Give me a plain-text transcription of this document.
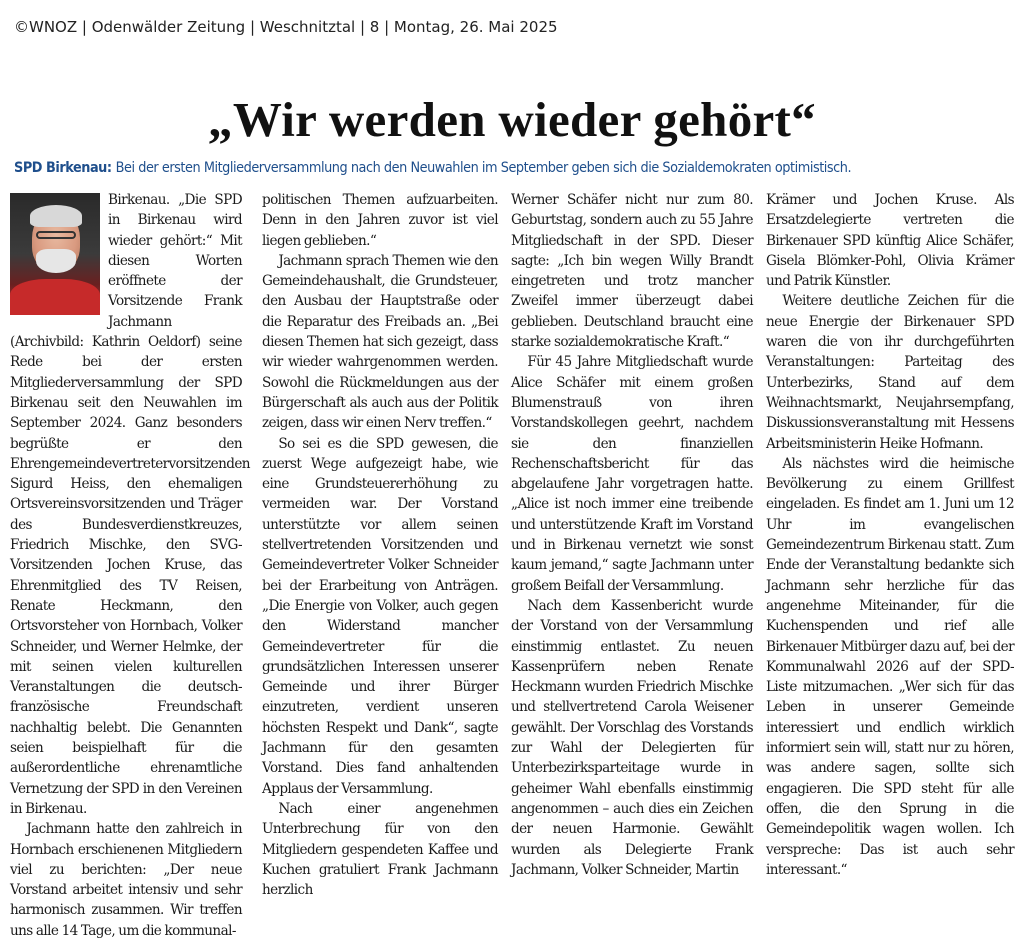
©WNOZ | Odenwälder Zeitung | Weschnitztal | 8 | Montag, 26. Mai 2025
„Wir werden wieder gehört“
SPD Birkenau: Bei der ersten Mitgliederversammlung nach den Neuwahlen im September geben sich die Sozialdemokraten optimistisch.

Birkenau. „Die SPD in Birkenau wird wieder gehört:“ Mit diesen Worten eröffnete der Vorsitzende Frank Jachmann (Archivbild: Kathrin Oeldorf) seine Rede bei der ersten Mitgliederversammlung der SPD Birkenau seit den Neuwahlen im September 2024. Ganz besonders begrüßte er den Ehrengemeindevertretervorsitzenden Sigurd Heiss, den ehemaligen Ortsvereinsvorsitzenden und Träger des Bundesverdienstkreuzes, Friedrich Mischke, den SVG-Vorsitzenden Jochen Kruse, das Ehrenmitglied des TV Reisen, Renate Heckmann, den Ortsvorsteher von Hornbach, Volker Schneider, und Werner Helmke, der mit seinen vielen kulturellen Veranstaltungen die deutsch-französische Freundschaft nachhaltig belebt. Die Genannten seien beispielhaft für die außerordentliche ehrenamtliche Vernetzung der SPD in den Vereinen in Birkenau.

Jachmann hatte den zahlreich in Hornbach erschienenen Mitgliedern viel zu berichten: „Der neue Vorstand arbeitet intensiv und sehr harmonisch zusammen. Wir treffen uns alle 14 Tage, um die kommunal-

politischen Themen aufzuarbeiten. Denn in den Jahren zuvor ist viel liegen geblieben.“

Jachmann sprach Themen wie den Gemeindehaushalt, die Grundsteuer, den Ausbau der Hauptstraße oder die Reparatur des Freibads an. „Bei diesen Themen hat sich gezeigt, dass wir wieder wahrgenommen werden. Sowohl die Rückmeldungen aus der Bürgerschaft als auch aus der Politik zeigen, dass wir einen Nerv treffen.“

So sei es die SPD gewesen, die zuerst Wege aufgezeigt habe, wie eine Grundsteuererhöhung zu vermeiden war. Der Vorstand unterstützte vor allem seinen stellvertretenden Vorsitzenden und Gemeindevertreter Volker Schneider bei der Erarbeitung von Anträgen. „Die Energie von Volker, auch gegen den Widerstand mancher Gemeindevertreter für die grundsätzlichen Interessen unserer Gemeinde und ihrer Bürger einzutreten, verdient unseren höchsten Respekt und Dank“, sagte Jachmann für den gesamten Vorstand. Dies fand anhaltenden Applaus der Versammlung.

Nach einer angenehmen Unterbrechung für von den Mitgliedern gespendeten Kaffee und Kuchen gratuliert Frank Jachmann herzlich

Werner Schäfer nicht nur zum 80. Geburtstag, sondern auch zu 55 Jahre Mitgliedschaft in der SPD. Dieser sagte: „Ich bin wegen Willy Brandt eingetreten und trotz mancher Zweifel immer überzeugt dabei geblieben. Deutschland braucht eine starke sozialdemokratische Kraft.“

Für 45 Jahre Mitgliedschaft wurde Alice Schäfer mit einem großen Blumenstrauß von ihren Vorstandskollegen geehrt, nachdem sie den finanziellen Rechenschaftsbericht für das abgelaufene Jahr vorgetragen hatte. „Alice ist noch immer eine treibende und unterstützende Kraft im Vorstand und in Birkenau vernetzt wie sonst kaum jemand,“ sagte Jachmann unter großem Beifall der Versammlung.

Nach dem Kassenbericht wurde der Vorstand von der Versammlung einstimmig entlastet. Zu neuen Kassenprüfern neben Renate Heckmann wurden Friedrich Mischke und stellvertretend Carola Weisener gewählt. Der Vorschlag des Vorstands zur Wahl der Delegierten für Unterbezirksparteitage wurde in geheimer Wahl ebenfalls einstimmig angenommen – auch dies ein Zeichen der neuen Harmonie. Gewählt wurden als Delegierte Frank Jachmann, Volker Schneider, Martin

Krämer und Jochen Kruse. Als Ersatzdelegierte vertreten die Birkenauer SPD künftig Alice Schäfer, Gisela Blömker-Pohl, Olivia Krämer und Patrik Künstler.

Weitere deutliche Zeichen für die neue Energie der Birkenauer SPD waren die von ihr durchgeführten Veranstaltungen: Parteitag des Unterbezirks, Stand auf dem Weihnachtsmarkt, Neujahrsempfang, Diskussionsveranstaltung mit Hessens Arbeitsministerin Heike Hofmann.

Als nächstes wird die heimische Bevölkerung zu einem Grillfest eingeladen. Es findet am 1. Juni um 12 Uhr im evangelischen Gemeindezentrum Birkenau statt. Zum Ende der Veranstaltung bedankte sich Jachmann sehr herzliche für das angenehme Miteinander, für die Kuchenspenden und rief alle Birkenauer Mitbürger dazu auf, bei der Kommunalwahl 2026 auf der SPD-Liste mitzumachen. „Wer sich für das Leben in unserer Gemeinde interessiert und endlich wirklich informiert sein will, statt nur zu hören, was andere sagen, sollte sich engagieren. Die SPD steht für alle offen, die den Sprung in die Gemeindepolitik wagen wollen. Ich verspreche: Das ist auch sehr interessant.“
